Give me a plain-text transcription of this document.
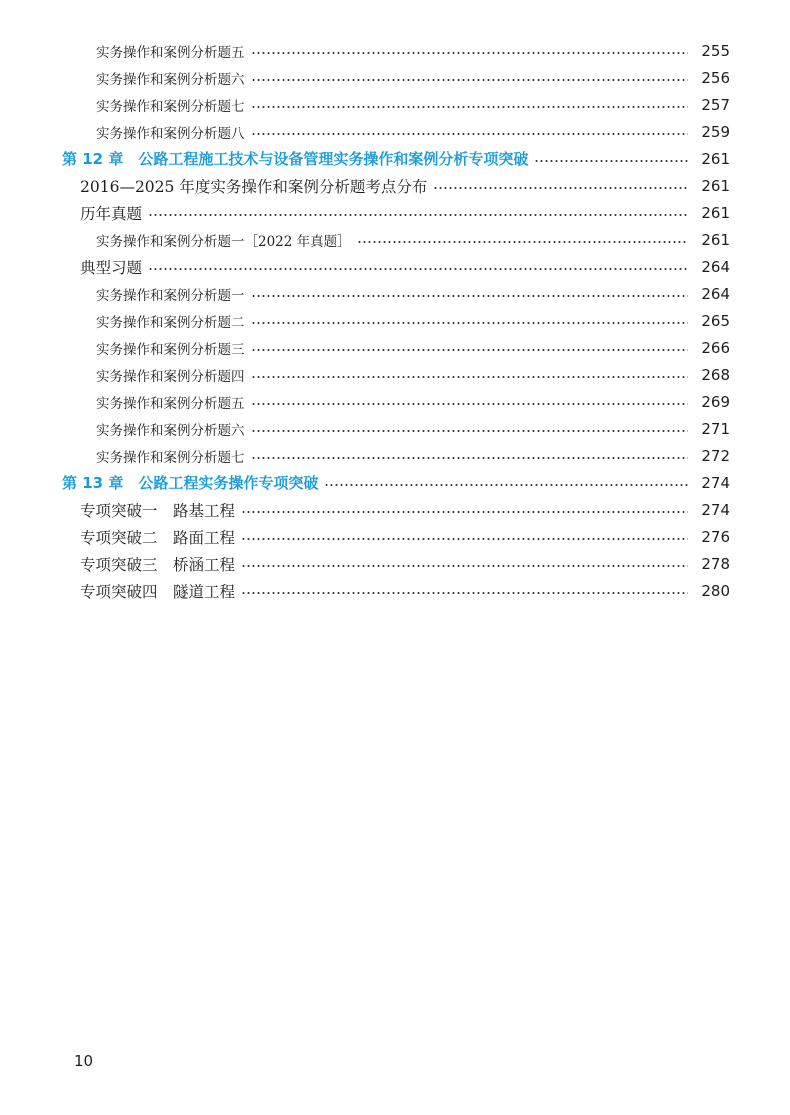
实务操作和案例分析题五	255
实务操作和案例分析题六	256
实务操作和案例分析题七	257
实务操作和案例分析题八	259
第 12 章　公路工程施工技术与设备管理实务操作和案例分析专项突破	261
2016—2025 年度实务操作和案例分析题考点分布	261
历年真题	261
实务操作和案例分析题一［2022 年真题］	261
典型习题	264
实务操作和案例分析题一	264
实务操作和案例分析题二	265
实务操作和案例分析题三	266
实务操作和案例分析题四	268
实务操作和案例分析题五	269
实务操作和案例分析题六	271
实务操作和案例分析题七	272
第 13 章　公路工程实务操作专项突破	274
专项突破一　路基工程	274
专项突破二　路面工程	276
专项突破三　桥涵工程	278
专项突破四　隧道工程	280
10
